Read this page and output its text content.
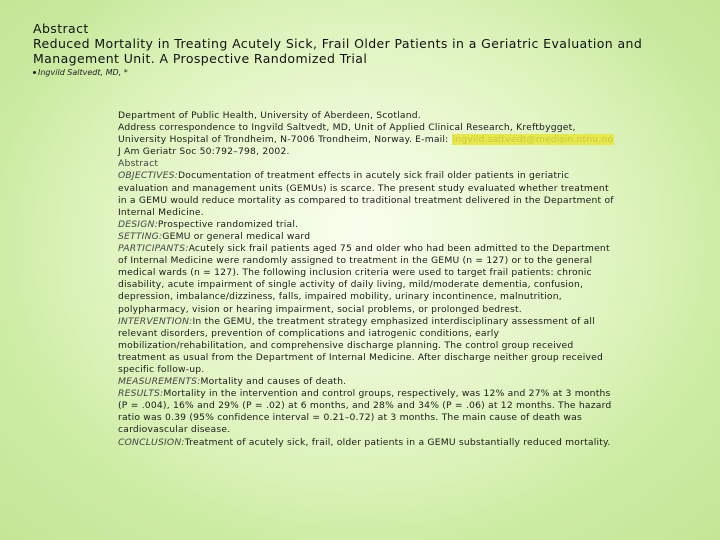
Abstract
Reduced Mortality in Treating Acutely Sick, Frail Older Patients in a Geriatric Evaluation and Management Unit. A Prospective Randomized Trial
Ingvild Saltvedt, MD, *

Department of Public Health, University of Aberdeen, Scotland.

Address correspondence to Ingvild Saltvedt, MD, Unit of Applied Clinical Research, Kreftbygget, University Hospital of Trondheim, N-7006 Trondheim, Norway. E-mail: ingvild.saltvedt@medisin.ntnu.no

J Am Geriatr Soc 50:792–798, 2002.

Abstract

OBJECTIVES:Documentation of treatment effects in acutely sick frail older patients in geriatric evaluation and management units (GEMUs) is scarce. The present study evaluated whether treatment in a GEMU would reduce mortality as compared to traditional treatment delivered in the Department of Internal Medicine.

DESIGN:Prospective randomized trial.

SETTING:GEMU or general medical ward

PARTICIPANTS:Acutely sick frail patients aged 75 and older who had been admitted to the Department of Internal Medicine were randomly assigned to treatment in the GEMU (n = 127) or to the general medical wards (n = 127). The following inclusion criteria were used to target frail patients: chronic disability, acute impairment of single activity of daily living, mild/moderate dementia, confusion, depression, imbalance/dizziness, falls, impaired mobility, urinary incontinence, malnutrition, polypharmacy, vision or hearing impairment, social problems, or prolonged bedrest.

INTERVENTION:In the GEMU, the treatment strategy emphasized interdisciplinary assessment of all relevant disorders, prevention of complications and iatrogenic conditions, early mobilization/rehabilitation, and comprehensive discharge planning. The control group received treatment as usual from the Department of Internal Medicine. After discharge neither group received specific follow-up.

MEASUREMENTS:Mortality and causes of death.

RESULTS:Mortality in the intervention and control groups, respectively, was 12% and 27% at 3 months (P = .004), 16% and 29% (P = .02) at 6 months, and 28% and 34% (P = .06) at 12 months. The hazard ratio was 0.39 (95% confidence interval = 0.21–0.72) at 3 months. The main cause of death was cardiovascular disease.

CONCLUSION:Treatment of acutely sick, frail, older patients in a GEMU substantially reduced mortality.
